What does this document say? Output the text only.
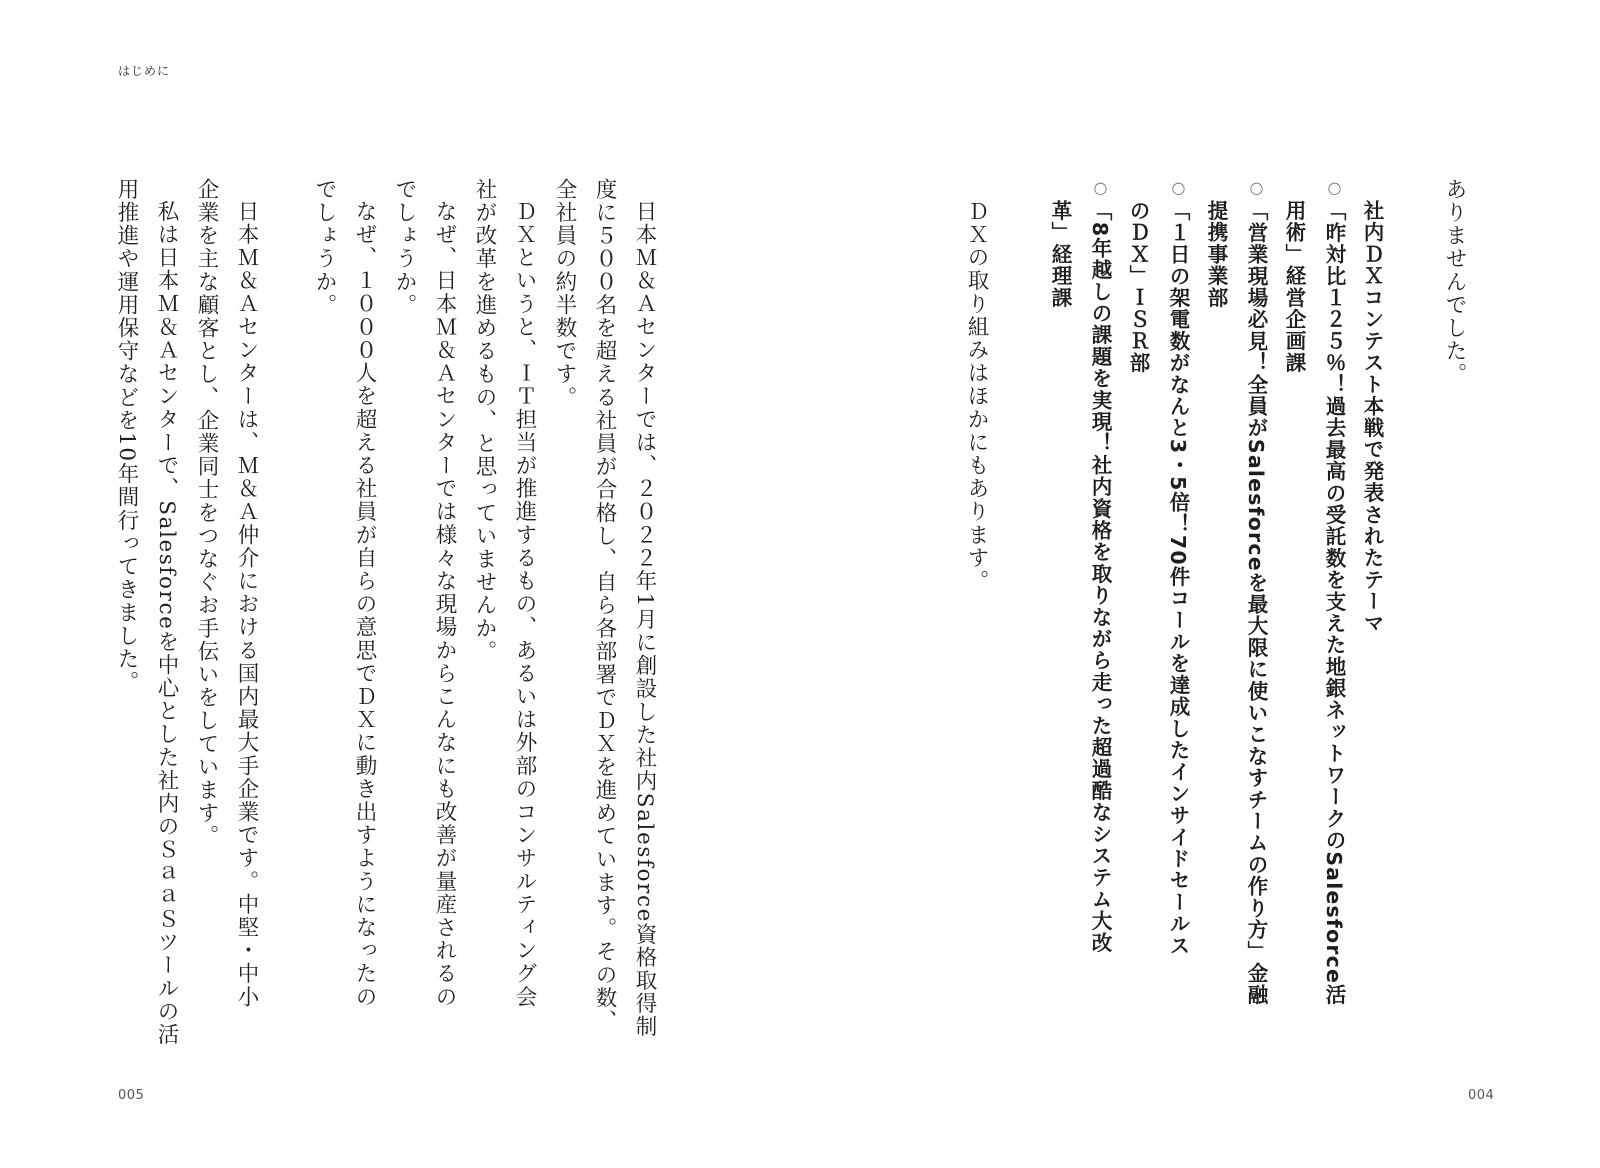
はじめに
ありませんでした。
社内ＤＸコンテスト本戦で発表されたテーマ
○「昨対比１２５％！過去最高の受託数を支えた地銀ネットワークのSalesforce活
用術」経営企画課
○「営業現場必見！全員がSalesforceを最大限に使いこなすチームの作り方」金融
提携事業部
○「１日の架電数がなんと3・5倍！70件コールを達成したインサイドセールス
のＤＸ」ＩＳＲ部
○「8年越しの課題を実現！社内資格を取りながら走った超過酷なシステム大改
革」経理課
ＤＸの取り組みはほかにもあります。
日本Ｍ＆Ａセンターでは、２０２２年1月に創設した社内Salesforce資格取得制
度に５００名を超える社員が合格し、自ら各部署でＤＸを進めています。その数、
全社員の約半数です。
ＤＸというと、ＩＴ担当が推進するもの、あるいは外部のコンサルティング会
社が改革を進めるもの、と思っていませんか。
なぜ、日本Ｍ＆Ａセンターでは様々な現場からこんなにも改善が量産されるの
でしょうか。
なぜ、１０００人を超える社員が自らの意思でＤＸに動き出すようになったの
でしょうか。
日本Ｍ＆Ａセンターは、Ｍ＆Ａ仲介における国内最大手企業です。中堅・中小
企業を主な顧客とし、企業同士をつなぐお手伝いをしています。
私は日本Ｍ＆Ａセンターで、Salesforceを中心とした社内のＳａａＳツールの活
用推進や運用保守などを10年間行ってきました。
005	004
